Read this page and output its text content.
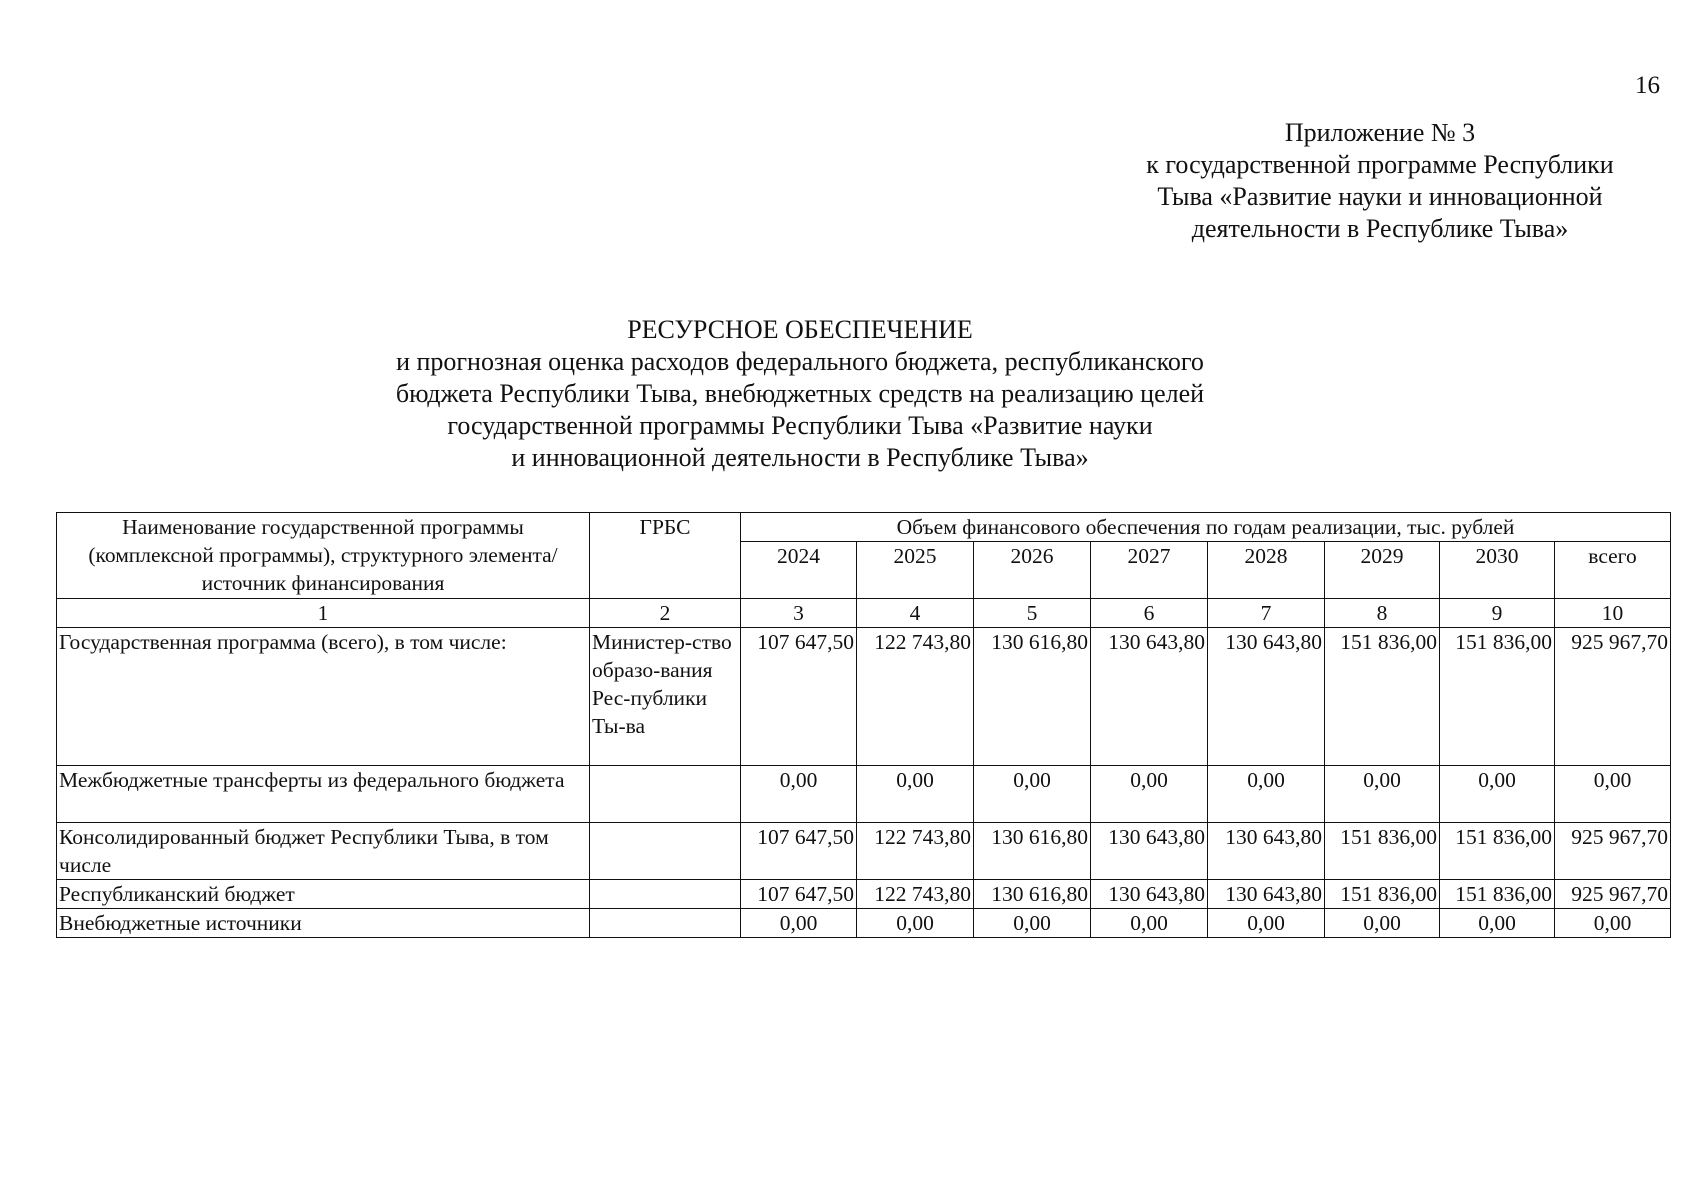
16
Приложение № 3
к государственной программе Республики
Тыва «Развитие науки и инновационной
деятельности в Республике Тыва»
РЕСУРСНОЕ ОБЕСПЕЧЕНИЕ
и прогнозная оценка расходов федерального бюджета, республиканского
бюджета Республики Тыва, внебюджетных средств на реализацию целей
государственной программы Республики Тыва «Развитие науки
и инновационной деятельности в Республике Тыва»
Наименование государственной программы (комплексной программы), структурного элемента/ источник финансирования	ГРБС	Объем финансового обеспечения по годам реализации, тыс. рублей							
		2024	2025	2026	2027	2028	2029	2030	всего
1	2	3	4	5	6	7	8	9	10
Государственная программа (всего), в том числе:	Министер-ство образо-вания Рес-публики Ты-ва	107 647,50	122 743,80	130 616,80	130 643,80	130 643,80	151 836,00	151 836,00	925 967,70
Межбюджетные трансферты из федерального бюджета		0,00	0,00	0,00	0,00	0,00	0,00	0,00	0,00
Консолидированный бюджет Республики Тыва, в том числе		107 647,50	122 743,80	130 616,80	130 643,80	130 643,80	151 836,00	151 836,00	925 967,70
Республиканский бюджет		107 647,50	122 743,80	130 616,80	130 643,80	130 643,80	151 836,00	151 836,00	925 967,70
Внебюджетные источники		0,00	0,00	0,00	0,00	0,00	0,00	0,00	0,00
